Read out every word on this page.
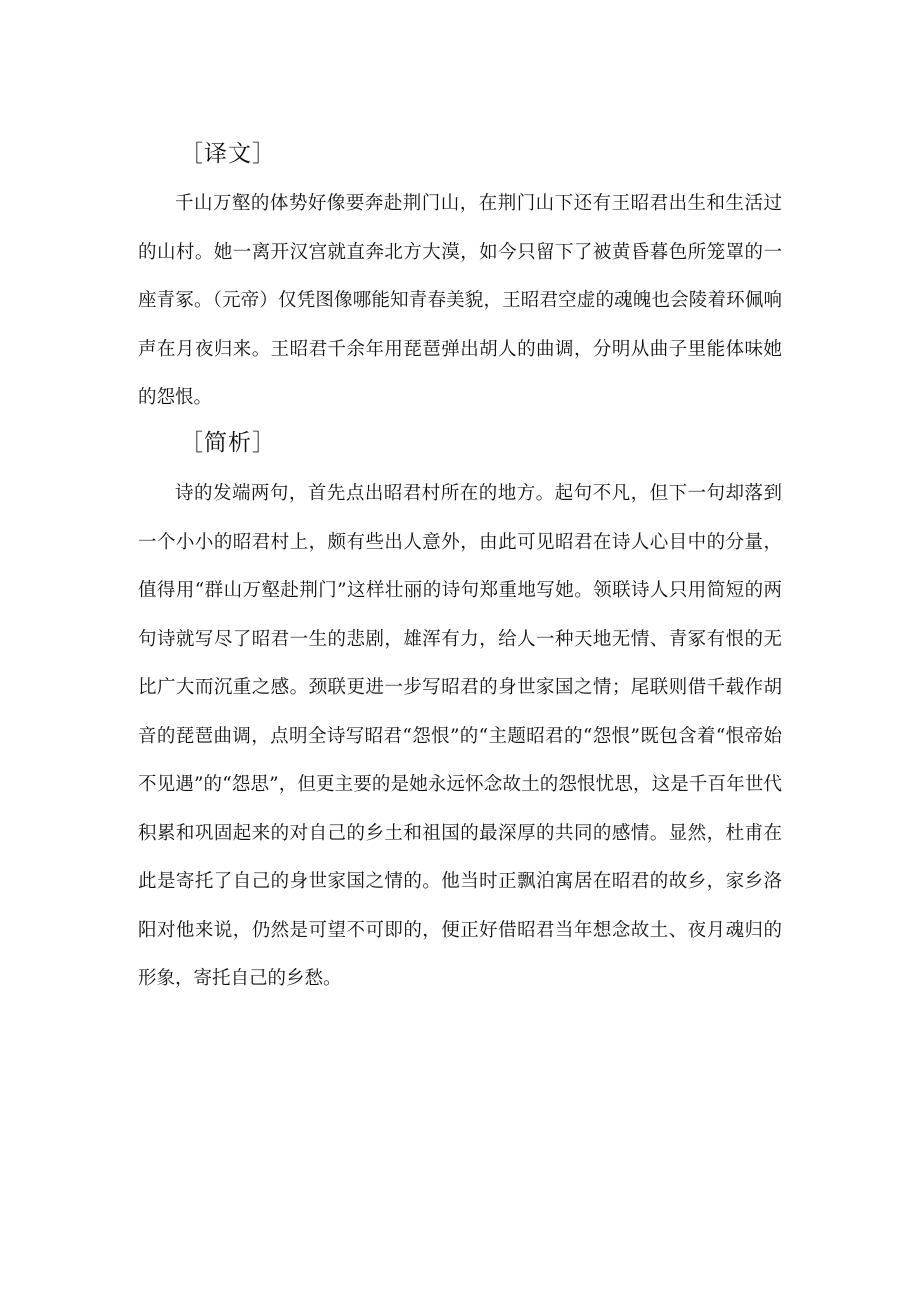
［译文］

千山万壑的体势好像要奔赴荆门山，在荆门山下还有王昭君出生和生活过的山村。她一离开汉宫就直奔北方大漠，如今只留下了被黄昏暮色所笼罩的一座青冢。（元帝）仅凭图像哪能知青春美貌，王昭君空虚的魂魄也会陵着环佩响声在月夜归来。王昭君千余年用琵琶弹出胡人的曲调，分明从曲子里能体味她的怨恨。

［简析］

诗的发端两句，首先点出昭君村所在的地方。起句不凡，但下一句却落到一个小小的昭君村上，颇有些出人意外，由此可见昭君在诗人心目中的分量，值得用“群山万壑赴荆门”这样壮丽的诗句郑重地写她。领联诗人只用简短的两句诗就写尽了昭君一生的悲剧，雄浑有力，给人一种天地无情、青冢有恨的无比广大而沉重之感。颈联更进一步写昭君的身世家国之情；尾联则借千载作胡音的琵琶曲调，点明全诗写昭君“怨恨”的“主题昭君的“怨恨”既包含着“恨帝始不见遇”的“怨思”，但更主要的是她永远怀念故土的怨恨忧思，这是千百年世代积累和巩固起来的对自己的乡土和祖国的最深厚的共同的感情。显然，杜甫在此是寄托了自己的身世家国之情的。他当时正飘泊寓居在昭君的故乡，家乡洛阳对他来说，仍然是可望不可即的，便正好借昭君当年想念故土、夜月魂归的形象，寄托自己的乡愁。
